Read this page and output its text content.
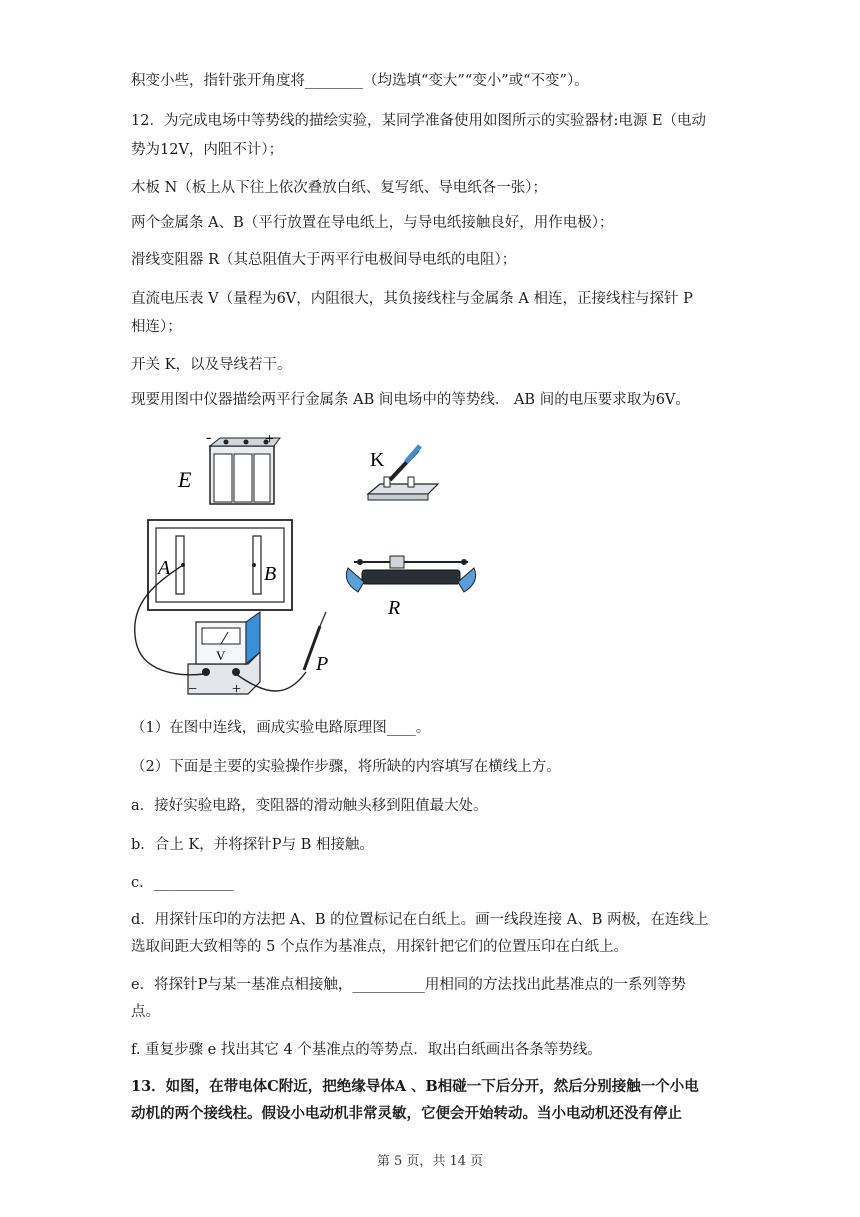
积变小些，指针张开角度将________（均选填“变大”“变小”或“不变”）。
12．为完成电场中等势线的描绘实验，某同学准备使用如图所示的实验器材:电源 E（电动
势为12V，内阻不计）；
木板 N（板上从下往上依次叠放白纸、复写纸、导电纸各一张）；
两个金属条 A、B（平行放置在导电纸上，与导电纸接触良好，用作电极）；
滑线变阻器 R（其总阻值大于两平行电极间导电纸的电阻）；
直流电压表 V（量程为6V，内阻很大，其负接线柱与金属条 A 相连，正接线柱与探针 P
相连）；
开关 K，以及导线若干。
现要用图中仪器描绘两平行金属条 AB 间电场中的等势线． AB 间的电压要求取为6V。
-	+
E
K
A	B
R
V
− +
P
（1）在图中连线，画成实验电路原理图____。
（2）下面是主要的实验操作步骤，将所缺的内容填写在横线上方。
a．接好实验电路，变阻器的滑动触头移到阻值最大处。
b．合上 K，并将探针P与 B 相接触。
c．___________
d．用探针压印的方法把 A、B 的位置标记在白纸上。画一线段连接 A、B 两极，在连线上
选取间距大致相等的 5 个点作为基准点，用探针把它们的位置压印在白纸上。
e．将探针P与某一基准点相接触，__________用相同的方法找出此基准点的一系列等势
点。
f. 重复步骤 e 找出其它 4 个基准点的等势点．取出白纸画出各条等势线。
13．如图，在带电体C附近，把绝缘导体A 、B相碰一下后分开，然后分别接触一个小电
动机的两个接线柱。假设小电动机非常灵敏，它便会开始转动。当小电动机还没有停止
第 5 页，共 14 页
